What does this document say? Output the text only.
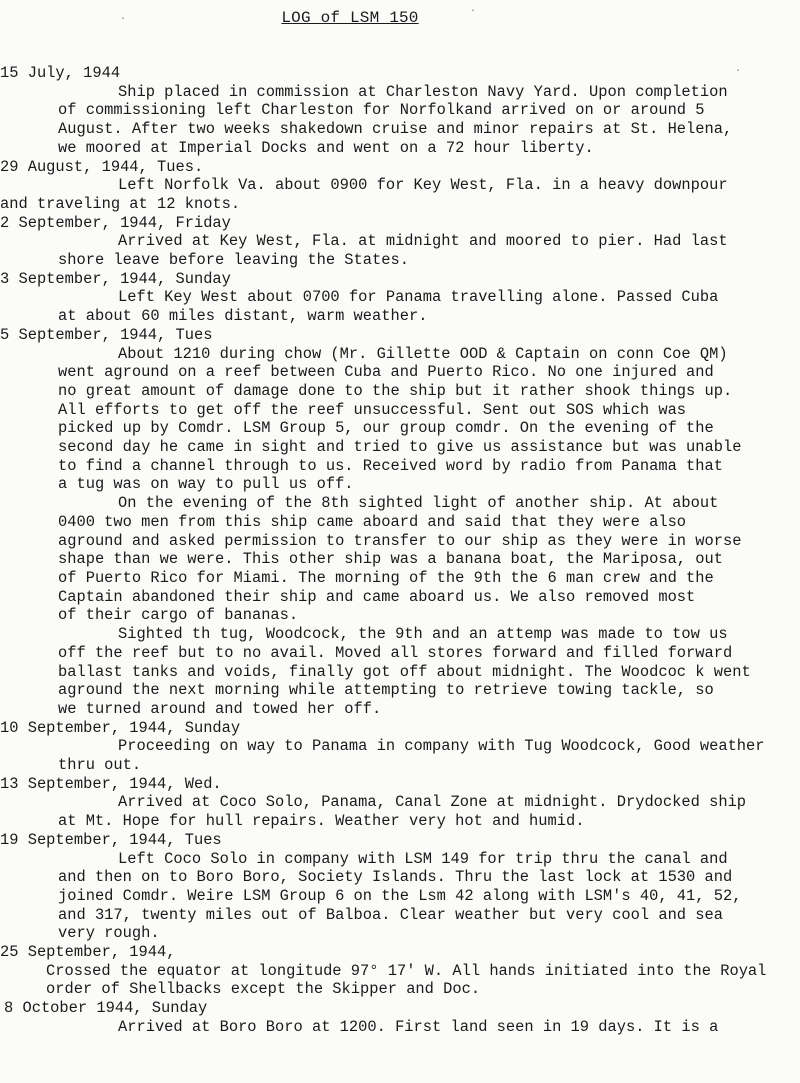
·
·
·
LOG of LSM 150
15 July, 1944
Ship placed in commission at Charleston Navy Yard. Upon completion
of commissioning left Charleston for Norfolkand arrived on or around 5
August. After two weeks shakedown cruise and minor repairs at St. Helena,
we moored at Imperial Docks and went on a 72 hour liberty.
29 August, 1944, Tues.
Left Norfolk Va. about 0900 for Key West, Fla. in a heavy downpour
and traveling at 12 knots.
2 September, 1944, Friday
Arrived at Key West, Fla. at midnight and moored to pier. Had last
shore leave before leaving the States.
3 September, 1944, Sunday
Left Key West about 0700 for Panama travelling alone. Passed Cuba
at about 60 miles distant, warm weather.
5 September, 1944, Tues
About 1210 during chow (Mr. Gillette OOD & Captain on conn Coe QM)
went aground on a reef between Cuba and Puerto Rico. No one injured and
no great amount of damage done to the ship but it rather shook things up.
All efforts to get off the reef unsuccessful. Sent out SOS which was
picked up by Comdr. LSM Group 5, our group comdr. On the evening of the
second day he came in sight and tried to give us assistance but was unable
to find a channel through to us. Received word by radio from Panama that
a tug was on way to pull us off.
On the evening of the 8th sighted light of another ship. At about
0400 two men from this ship came aboard and said that they were also
aground and asked permission to transfer to our ship as they were in worse
shape than we were. This other ship was a banana boat, the Mariposa, out
of Puerto Rico for Miami. The morning of the 9th the 6 man crew and the
Captain abandoned their ship and came aboard us. We also removed most
of their cargo of bananas.
Sighted th tug, Woodcock, the 9th and an attemp was made to tow us
off the reef but to no avail. Moved all stores forward and filled forward
ballast tanks and voids, finally got off about midnight. The Woodcoc k went
aground the next morning while attempting to retrieve towing tackle, so
we turned around and towed her off.
10 September, 1944, Sunday
Proceeding on way to Panama in company with Tug Woodcock, Good weather
thru out.
13 September, 1944, Wed.
Arrived at Coco Solo, Panama, Canal Zone at midnight. Drydocked ship
at Mt. Hope for hull repairs. Weather very hot and humid.
19 September, 1944, Tues
Left Coco Solo in company with LSM 149 for trip thru the canal and
and then on to Boro Boro, Society Islands. Thru the last lock at 1530 and
joined Comdr. Weire LSM Group 6 on the Lsm 42 along with LSM's 40, 41, 52,
and 317, twenty miles out of Balboa. Clear weather but very cool and sea
very rough.
25 September, 1944,
Crossed the equator at longitude 97° 17' W. All hands initiated into the Royal
order of Shellbacks except the Skipper and Doc.
8 October 1944, Sunday
Arrived at Boro Boro at 1200. First land seen in 19 days. It is a
